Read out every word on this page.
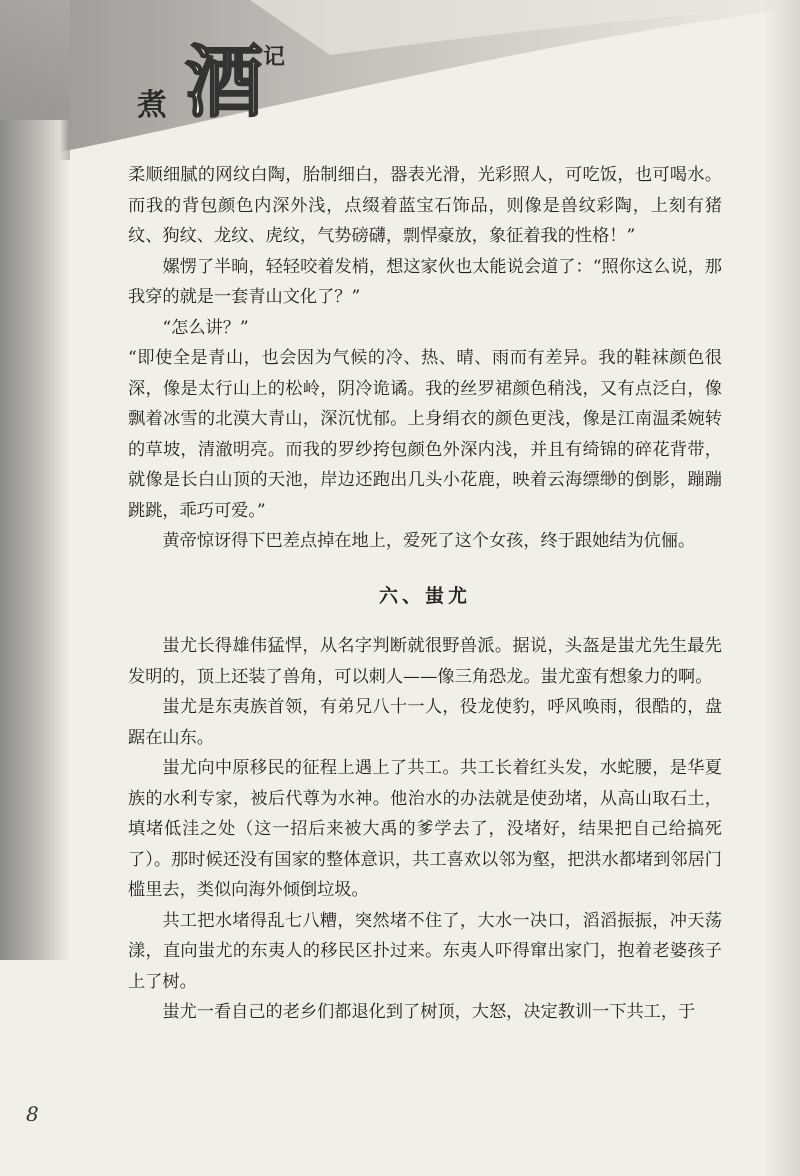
煮 酒 记

柔顺细腻的网纹白陶，胎制细白，器表光滑，光彩照人，可吃饭，也可喝水。而我的背包颜色内深外浅，点缀着蓝宝石饰品，则像是兽纹彩陶，上刻有猪纹、狗纹、龙纹、虎纹，气势磅礴，剽悍豪放，象征着我的性格！”

嫘愣了半晌，轻轻咬着发梢，想这家伙也太能说会道了：“照你这么说，那我穿的就是一套青山文化了？”

“怎么讲？”

“即使全是青山，也会因为气候的冷、热、晴、雨而有差异。我的鞋袜颜色很深，像是太行山上的松岭，阴冷诡谲。我的丝罗裙颜色稍浅，又有点泛白，像飘着冰雪的北漠大青山，深沉忧郁。上身绢衣的颜色更浅，像是江南温柔婉转的草坡，清澈明亮。而我的罗纱挎包颜色外深内浅，并且有绮锦的碎花背带，就像是长白山顶的天池，岸边还跑出几头小花鹿，映着云海缥缈的倒影，蹦蹦跳跳，乖巧可爱。”

黄帝惊讶得下巴差点掉在地上，爱死了这个女孩，终于跟她结为伉俪。

六、蚩尤

蚩尤长得雄伟猛悍，从名字判断就很野兽派。据说，头盔是蚩尤先生最先发明的，顶上还装了兽角，可以刺人——像三角恐龙。蚩尤蛮有想象力的啊。

蚩尤是东夷族首领，有弟兄八十一人，役龙使豹，呼风唤雨，很酷的，盘踞在山东。

蚩尤向中原移民的征程上遇上了共工。共工长着红头发，水蛇腰，是华夏族的水利专家，被后代尊为水神。他治水的办法就是使劲堵，从高山取石土，填堵低洼之处（这一招后来被大禹的爹学去了，没堵好，结果把自己给搞死了）。那时候还没有国家的整体意识，共工喜欢以邻为壑，把洪水都堵到邻居门槛里去，类似向海外倾倒垃圾。

共工把水堵得乱七八糟，突然堵不住了，大水一决口，滔滔振振，冲天荡漾，直向蚩尤的东夷人的移民区扑过来。东夷人吓得窜出家门，抱着老婆孩子上了树。

蚩尤一看自己的老乡们都退化到了树顶，大怒，决定教训一下共工，于

8
